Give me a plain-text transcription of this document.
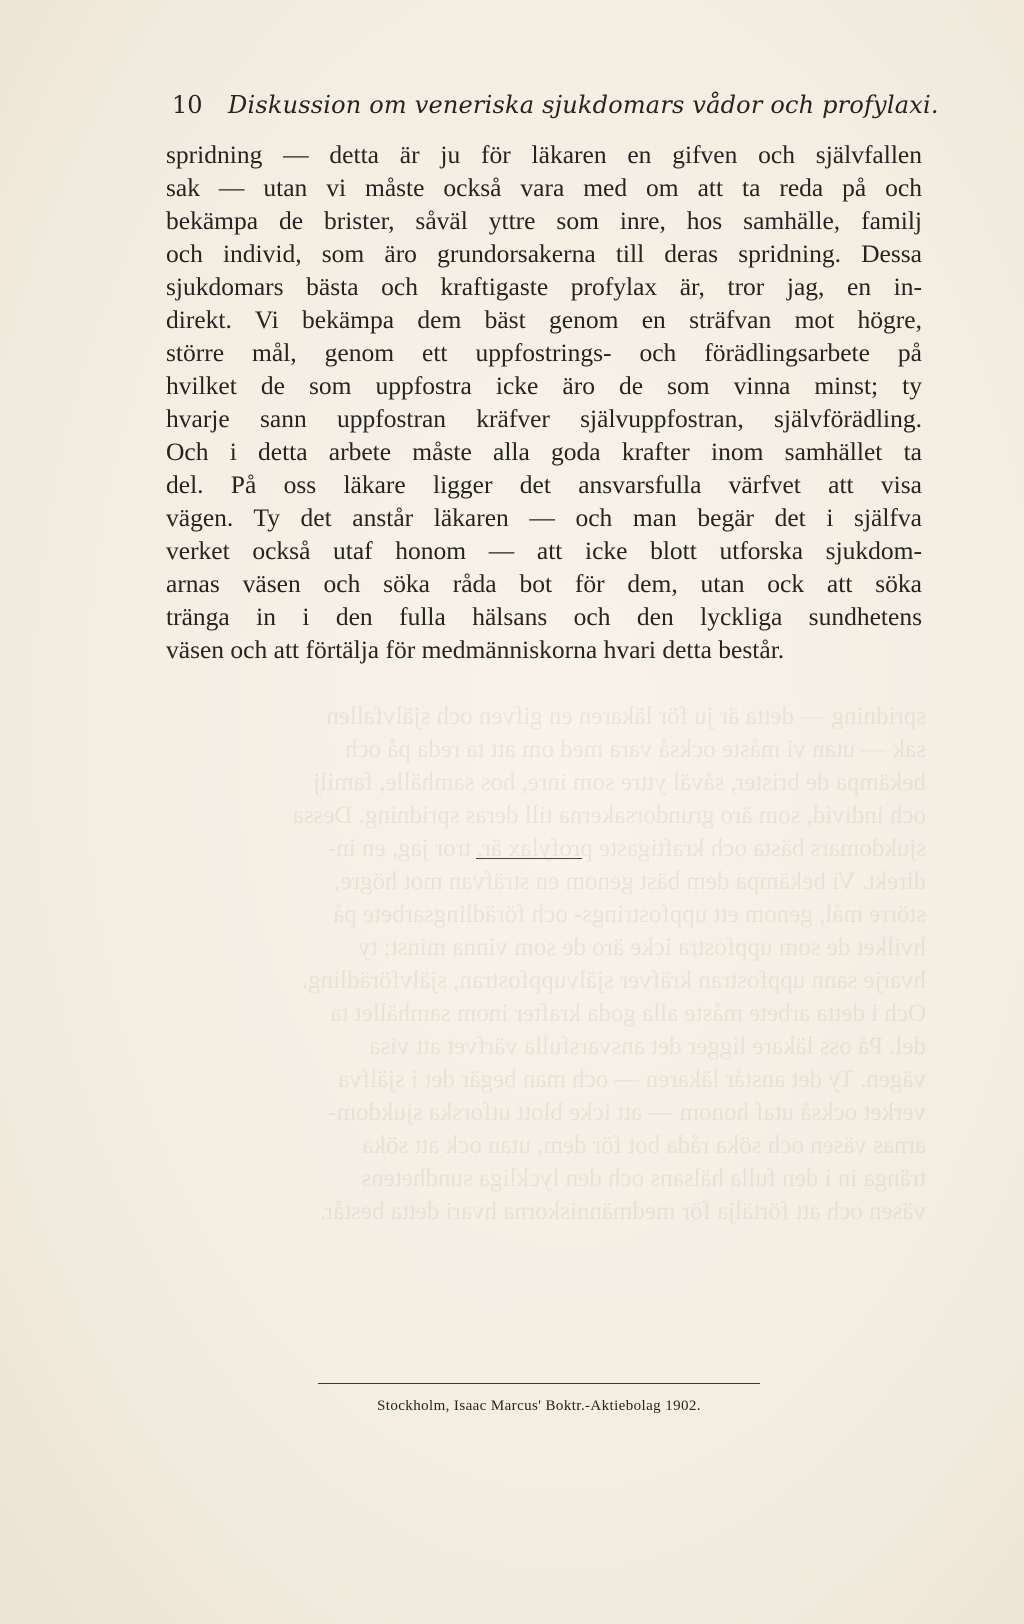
10 Diskussion om veneriska sjukdomars vådor och profylaxi.
spridning — detta är ju för läkaren en gifven och självfallen
sak — utan vi måste också vara med om att ta reda på och
bekämpa de brister, såväl yttre som inre, hos samhälle, familj
och individ, som äro grundorsakerna till deras spridning. Dessa
sjukdomars bästa och kraftigaste profylax är, tror jag, en in-
direkt. Vi bekämpa dem bäst genom en sträfvan mot högre,
större mål, genom ett uppfostrings- och förädlingsarbete på
hvilket de som uppfostra icke äro de som vinna minst; ty
hvarje sann uppfostran kräfver självuppfostran, självförädling.
Och i detta arbete måste alla goda krafter inom samhället ta
del. På oss läkare ligger det ansvarsfulla värfvet att visa
vägen. Ty det anstår läkaren — och man begär det i själfva
verket också utaf honom — att icke blott utforska sjukdom-
arnas väsen och söka råda bot för dem, utan ock att söka
tränga in i den fulla hälsans och den lyckliga sundhetens
väsen och att förtälja för medmänniskorna hvari detta består.
spridning — detta är ju för läkaren en gifven och självfallen
sak — utan vi måste också vara med om att ta reda på och
bekämpa de brister, såväl yttre som inre, hos samhälle, familj
och individ, som äro grundorsakerna till deras spridning. Dessa
sjukdomars bästa och kraftigaste profylax är, tror jag, en in-
direkt. Vi bekämpa dem bäst genom en sträfvan mot högre,
större mål, genom ett uppfostrings- och förädlingsarbete på
hvilket de som uppfostra icke äro de som vinna minst; ty
hvarje sann uppfostran kräfver självuppfostran, självförädling.
Och i detta arbete måste alla goda krafter inom samhället ta
del. På oss läkare ligger det ansvarsfulla värfvet att visa
vägen. Ty det anstår läkaren — och man begär det i själfva
verket också utaf honom — att icke blott utforska sjukdom-
arnas väsen och söka råda bot för dem, utan ock att söka
tränga in i den fulla hälsans och den lyckliga sundhetens
väsen och att förtälja för medmänniskorna hvari detta består.
Stockholm, Isaac Marcus' Boktr.-Aktiebolag 1902.
